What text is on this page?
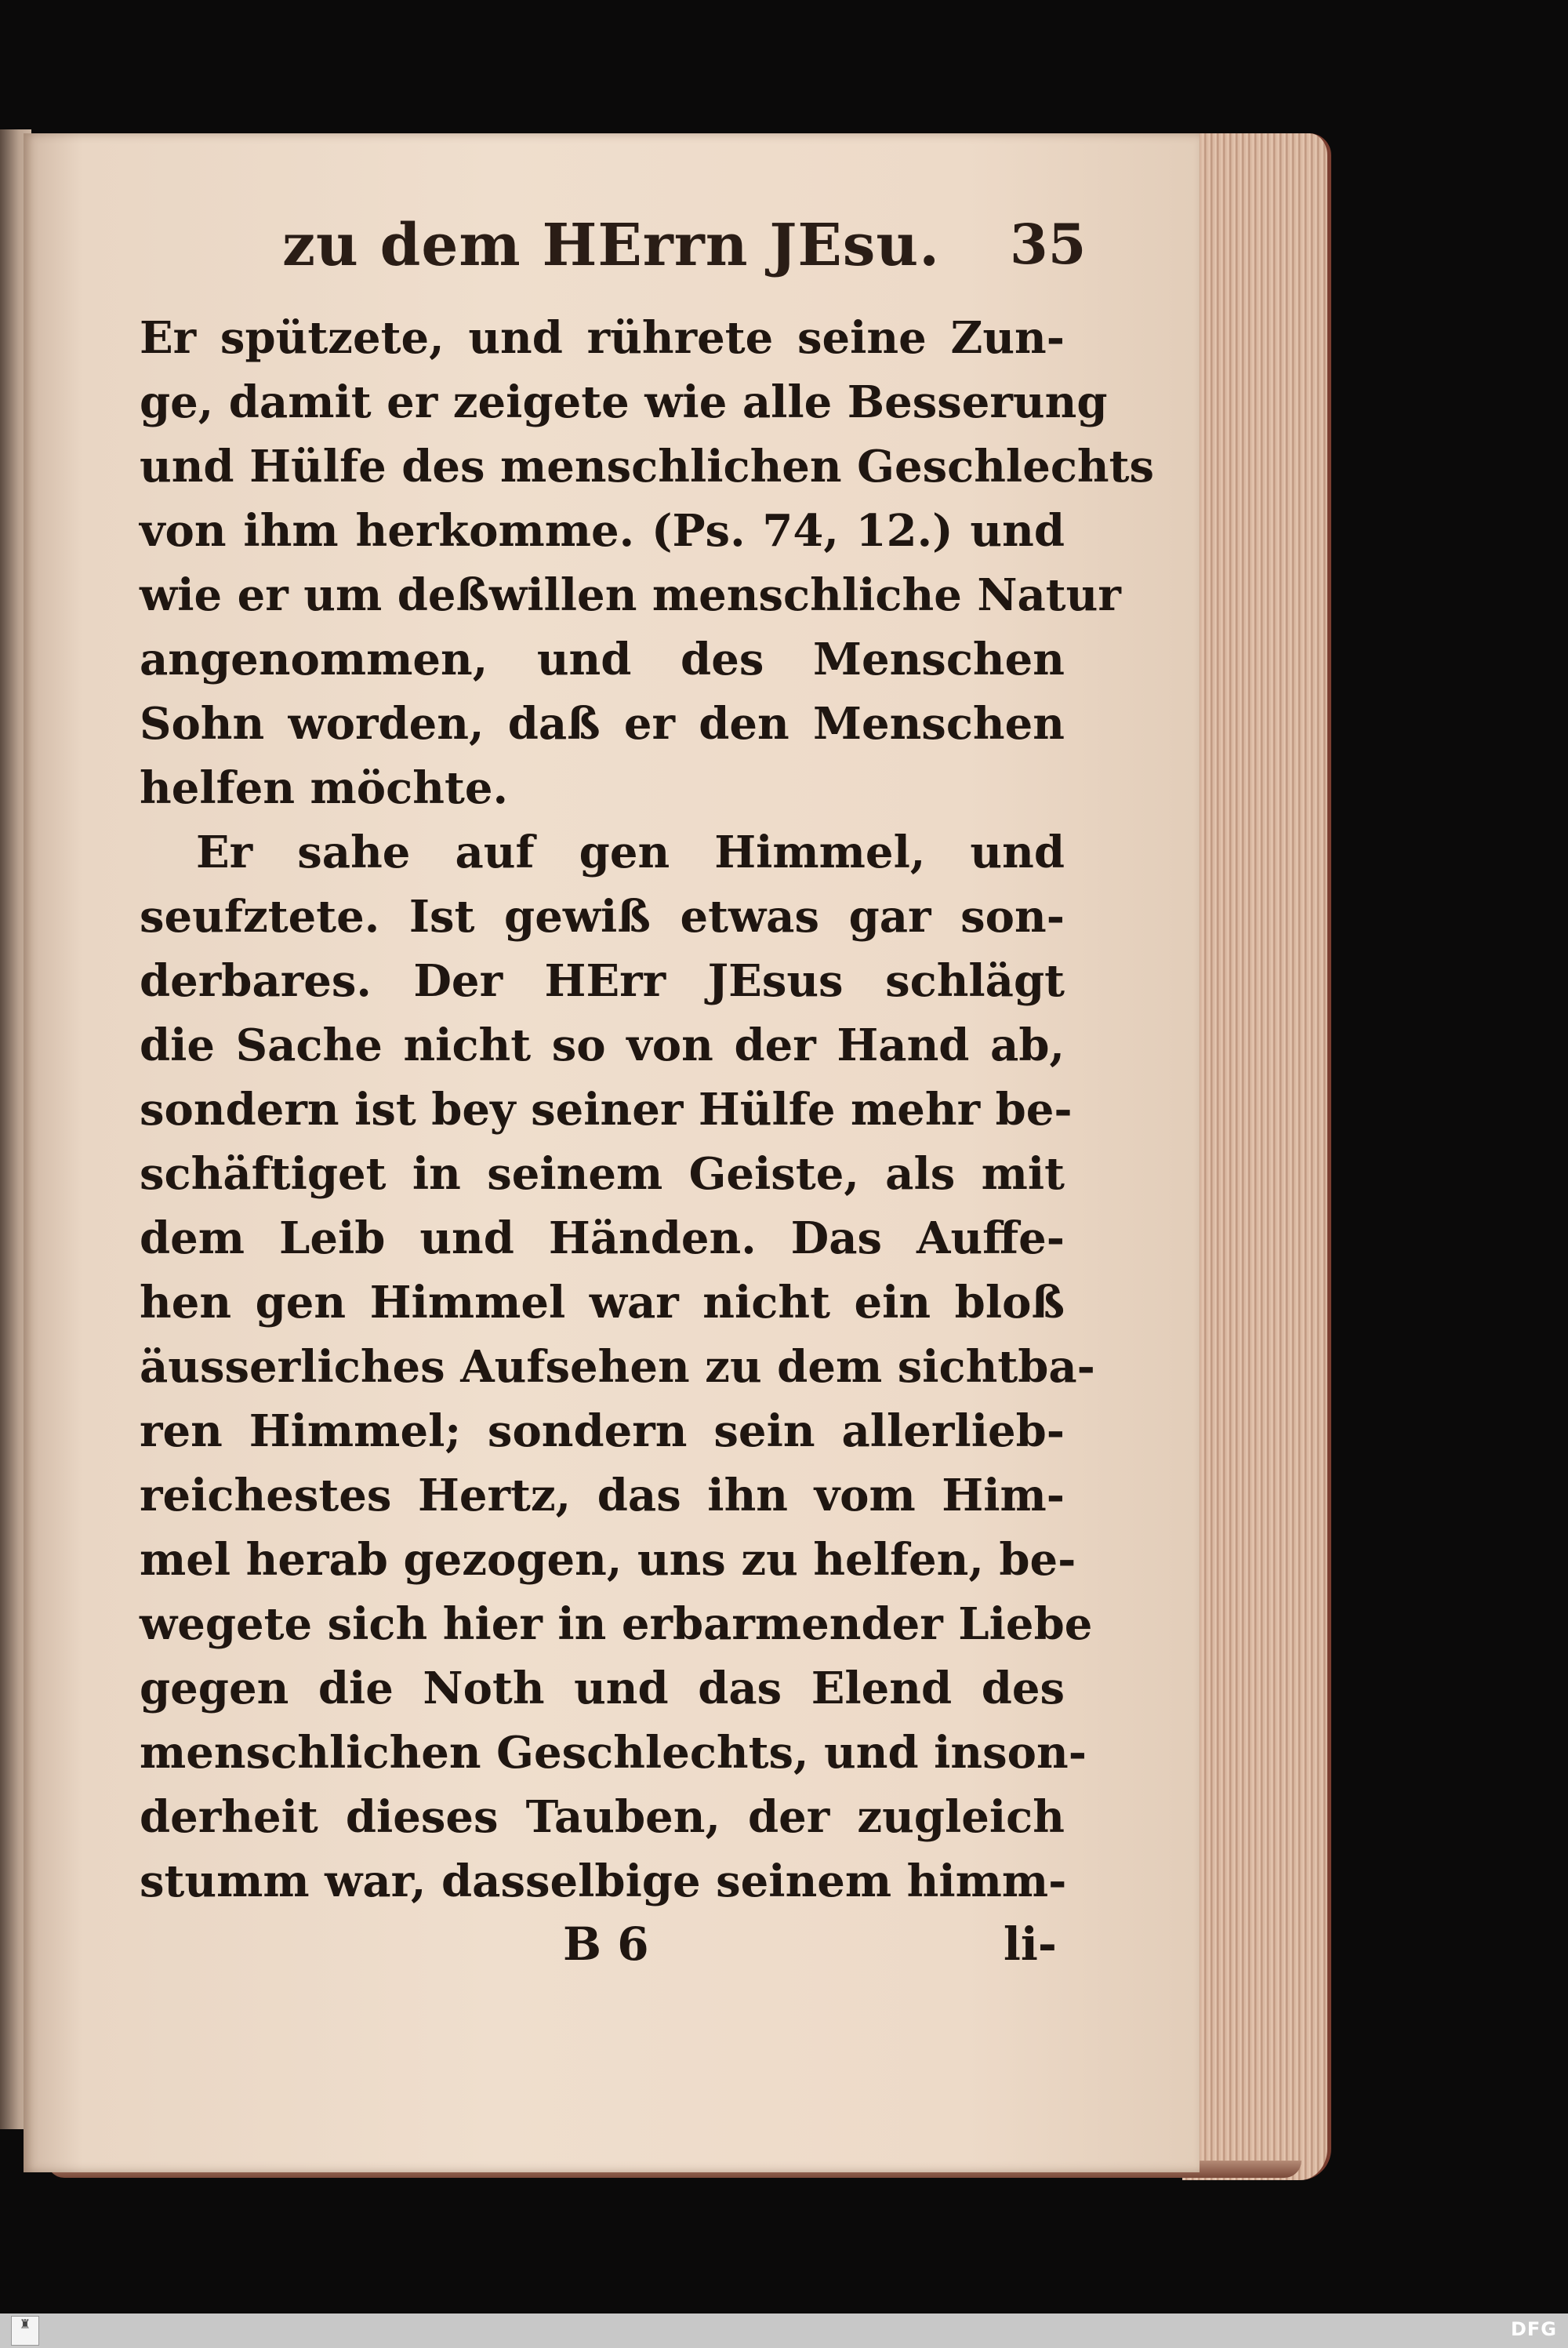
zu dem HErrn JEsu. 35
Er spützete, und rührete seine Zun-
ge, damit er zeigete wie alle Besserung
und Hülfe des menschlichen Geschlechts
von ihm herkomme. (Ps. 74, 12.) und
wie er um deßwillen menschliche Natur
angenommen, und des Menschen
Sohn worden, daß er den Menschen
helfen möchte.
Er sahe auf gen Himmel, und
seufztete. Ist gewiß etwas gar son-
derbares. Der HErr JEsus schlägt
die Sache nicht so von der Hand ab,
sondern ist bey seiner Hülfe mehr be-
schäftiget in seinem Geiste, als mit
dem Leib und Händen. Das Auffe-
hen gen Himmel war nicht ein bloß
äusserliches Aufsehen zu dem sichtba-
ren Himmel; sondern sein allerlieb-
reichestes Hertz, das ihn vom Him-
mel herab gezogen, uns zu helfen, be-
wegete sich hier in erbarmender Liebe
gegen die Noth und das Elend des
menschlichen Geschlechts, und inson-
derheit dieses Tauben, der zugleich
stumm war, dasselbige seinem himm-
B 6	li-
♜	DFG
